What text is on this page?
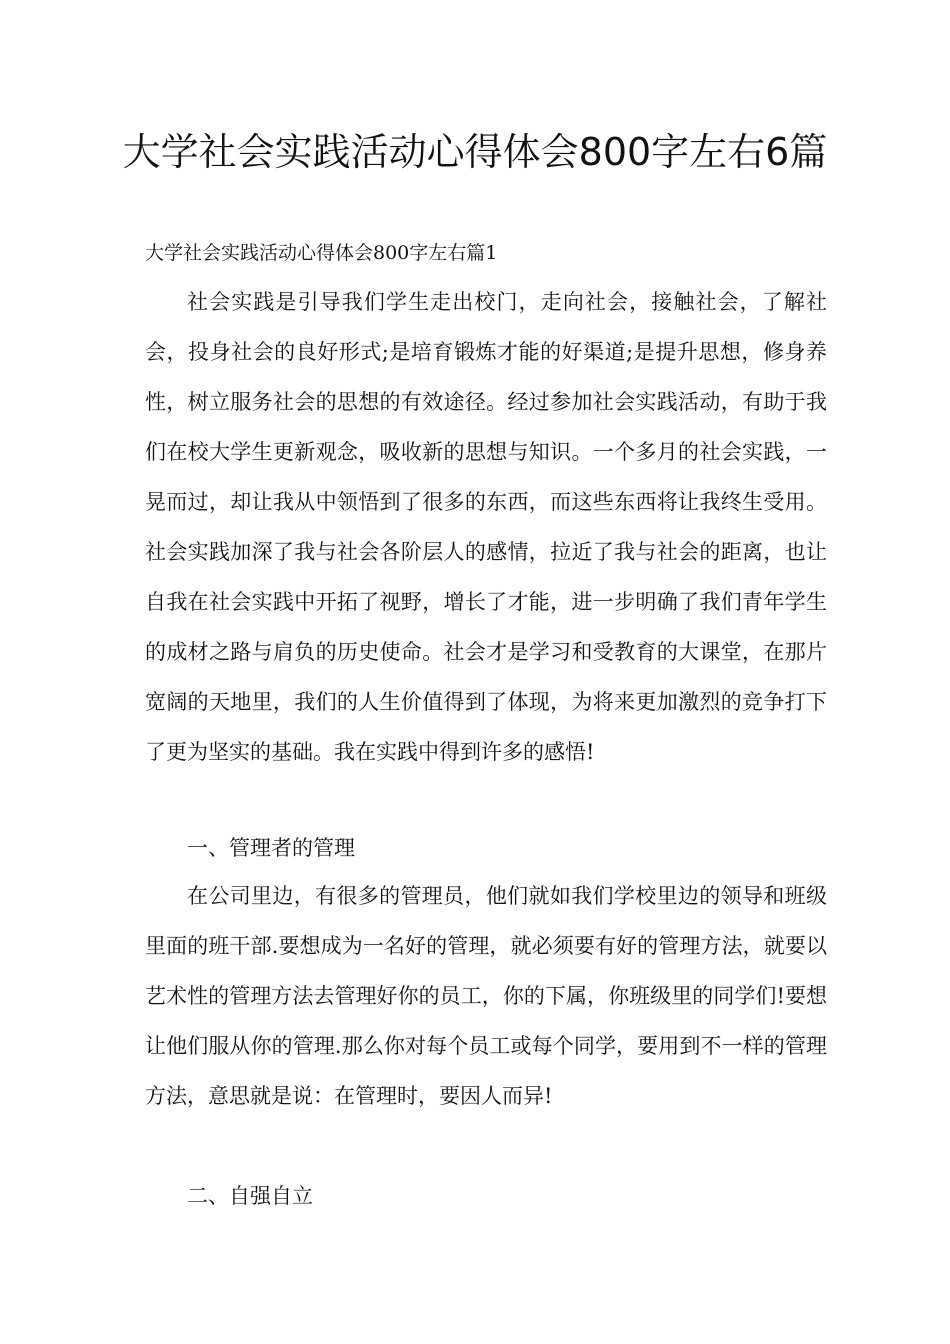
大学社会实践活动心得体会800字左右6篇

大学社会实践活动心得体会800字左右篇1

社会实践是引导我们学生走出校门，走向社会，接触社会，了解社会，投身社会的良好形式;是培育锻炼才能的好渠道;是提升思想，修身养性，树立服务社会的思想的有效途径。经过参加社会实践活动，有助于我们在校大学生更新观念，吸收新的思想与知识。一个多月的社会实践，一晃而过，却让我从中领悟到了很多的东西，而这些东西将让我终生受用。社会实践加深了我与社会各阶层人的感情，拉近了我与社会的距离，也让自我在社会实践中开拓了视野，增长了才能，进一步明确了我们青年学生的成材之路与肩负的历史使命。社会才是学习和受教育的大课堂，在那片宽阔的天地里，我们的人生价值得到了体现，为将来更加激烈的竞争打下了更为坚实的基础。我在实践中得到许多的感悟!

一、管理者的管理

在公司里边，有很多的管理员，他们就如我们学校里边的领导和班级里面的班干部.要想成为一名好的管理，就必须要有好的管理方法，就要以艺术性的管理方法去管理好你的员工，你的下属，你班级里的同学们!要想让他们服从你的管理.那么你对每个员工或每个同学，要用到不一样的管理方法，意思就是说：在管理时，要因人而异!

二、自强自立
